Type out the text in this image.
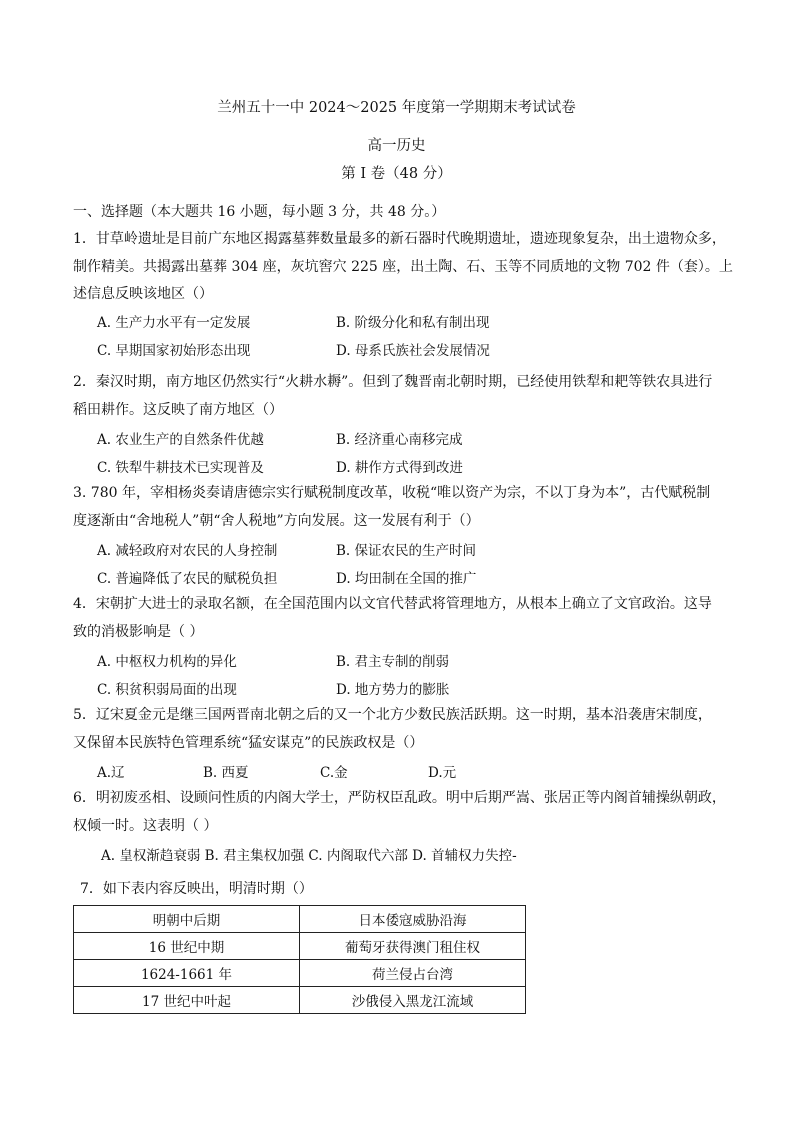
兰州五十一中 2024～2025 年度第一学期期末考试试卷
高一历史
第 I 卷（48 分）
一、选择题（本大题共 16 小题，每小题 3 分，共 48 分。）
1．甘草岭遗址是目前广东地区揭露墓葬数量最多的新石器时代晚期遗址，遗迹现象复杂，出土遗物众多，
制作精美。共揭露出墓葬 304 座，灰坑窖穴 225 座，出土陶、石、玉等不同质地的文物 702 件（套）。上
述信息反映该地区（）
A. 生产力水平有一定发展	B. 阶级分化和私有制出现
C. 早期国家初始形态出现	D. 母系氏族社会发展情况
2．秦汉时期，南方地区仍然实行“火耕水耨”。但到了魏晋南北朝时期，已经使用铁犁和耙等铁农具进行
稻田耕作。这反映了南方地区（）
A. 农业生产的自然条件优越	B. 经济重心南移完成
C. 铁犁牛耕技术已实现普及	D. 耕作方式得到改进
3. 780 年，宰相杨炎奏请唐德宗实行赋税制度改革，收税“唯以资产为宗，不以丁身为本”，古代赋税制
度逐渐由“舍地税人”朝“舍人税地”方向发展。这一发展有利于（）
A. 减轻政府对农民的人身控制	B. 保证农民的生产时间
C. 普遍降低了农民的赋税负担	D. 均田制在全国的推广
4．宋朝扩大进士的录取名额，在全国范围内以文官代替武将管理地方，从根本上确立了文官政治。这导
致的消极影响是（ ）
A. 中枢权力机构的异化	B. 君主专制的削弱
C. 积贫积弱局面的出现	D. 地方势力的膨胀
5．辽宋夏金元是继三国两晋南北朝之后的又一个北方少数民族活跃期。这一时期，基本沿袭唐宋制度，
又保留本民族特色管理系统“猛安谋克”的民族政权是（）
A.辽	B. 西夏	C.金	D.元
6．明初废丞相、设顾问性质的内阁大学士，严防权臣乱政。明中后期严嵩、张居正等内阁首辅操纵朝政，
权倾一时。这表明（ ）
A. 皇权渐趋衰弱 B. 君主集权加强 C. 内阁取代六部 D. 首辅权力失控-
7．如下表内容反映出，明清时期（）
明朝中后期	日本倭寇威胁沿海
16 世纪中期	葡萄牙获得澳门租住权
1624-1661 年	荷兰侵占台湾
17 世纪中叶起	沙俄侵入黑龙江流域
